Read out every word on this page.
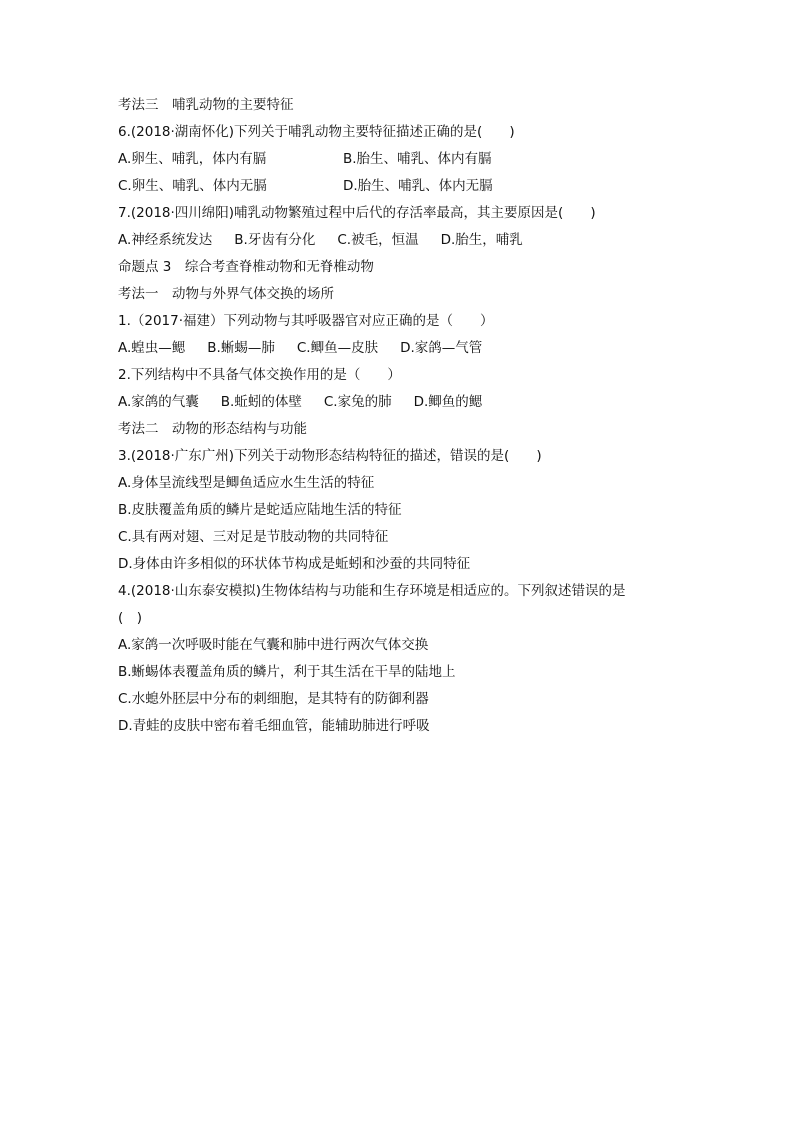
考法三　哺乳动物的主要特征
6.(2018·湖南怀化)下列关于哺乳动物主要特征描述正确的是(　　)
A.卵生、哺乳，体内有膈	B.胎生、哺乳、体内有膈
C.卵生、哺乳、体内无膈	D.胎生、哺乳、体内无膈
7.(2018·四川绵阳)哺乳动物繁殖过程中后代的存活率最高，其主要原因是(　　)
A.神经系统发达 B.牙齿有分化 C.被毛，恒温 D.胎生，哺乳
命题点 3　综合考查脊椎动物和无脊椎动物
考法一　动物与外界气体交换的场所
1.（2017·福建）下列动物与其呼吸器官对应正确的是（　　）
A.蝗虫—鳃 B.蜥蜴—肺 C.鲫鱼—皮肤 D.家鸽—气管
2.下列结构中不具备气体交换作用的是（　　）
A.家鸽的气囊 B.蚯蚓的体壁 C.家兔的肺 D.鲫鱼的鳃
考法二　动物的形态结构与功能
3.(2018·广东广州)下列关于动物形态结构特征的描述，错误的是(　　)
A.身体呈流线型是鲫鱼适应水生生活的特征
B.皮肤覆盖角质的鳞片是蛇适应陆地生活的特征
C.具有两对翅、三对足是节肢动物的共同特征
D.身体由许多相似的环状体节构成是蚯蚓和沙蚕的共同特征
4.(2018·山东泰安模拟)生物体结构与功能和生存环境是相适应的。下列叙述错误的是
(　)
A.家鸽一次呼吸时能在气囊和肺中进行两次气体交换
B.蜥蜴体表覆盖角质的鳞片，利于其生活在干旱的陆地上
C.水螅外胚层中分布的刺细胞，是其特有的防御利器
D.青蛙的皮肤中密布着毛细血管，能辅助肺进行呼吸
